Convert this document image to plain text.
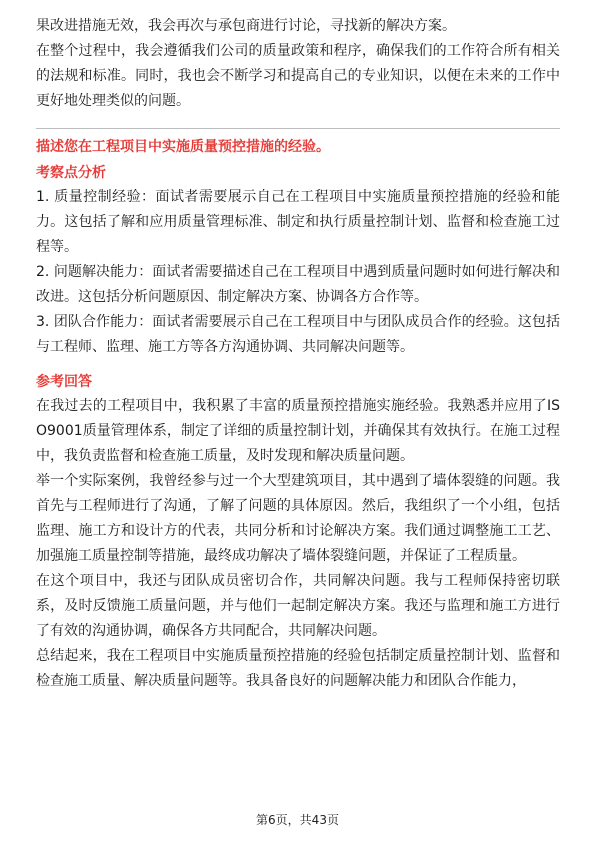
果改进措施无效，我会再次与承包商进行讨论，寻找新的解决方案。

在整个过程中，我会遵循我们公司的质量政策和程序，确保我们的工作符合所有相关的法规和标准。同时，我也会不断学习和提高自己的专业知识，以便在未来的工作中更好地处理类似的问题。

描述您在工程项目中实施质量预控措施的经验。

考察点分析

1. 质量控制经验：面试者需要展示自己在工程项目中实施质量预控措施的经验和能力。这包括了解和应用质量管理标准、制定和执行质量控制计划、监督和检查施工过程等。

2. 问题解决能力：面试者需要描述自己在工程项目中遇到质量问题时如何进行解决和改进。这包括分析问题原因、制定解决方案、协调各方合作等。

3. 团队合作能力：面试者需要展示自己在工程项目中与团队成员合作的经验。这包括与工程师、监理、施工方等各方沟通协调、共同解决问题等。

参考回答

在我过去的工程项目中，我积累了丰富的质量预控措施实施经验。我熟悉并应用了ISO9001质量管理体系，制定了详细的质量控制计划，并确保其有效执行。在施工过程中，我负责监督和检查施工质量，及时发现和解决质量问题。

举一个实际案例，我曾经参与过一个大型建筑项目，其中遇到了墙体裂缝的问题。我首先与工程师进行了沟通，了解了问题的具体原因。然后，我组织了一个小组，包括监理、施工方和设计方的代表，共同分析和讨论解决方案。我们通过调整施工工艺、加强施工质量控制等措施，最终成功解决了墙体裂缝问题，并保证了工程质量。

在这个项目中，我还与团队成员密切合作，共同解决问题。我与工程师保持密切联系，及时反馈施工质量问题，并与他们一起制定解决方案。我还与监理和施工方进行了有效的沟通协调，确保各方共同配合，共同解决问题。

总结起来，我在工程项目中实施质量预控措施的经验包括制定质量控制计划、监督和检查施工质量、解决质量问题等。我具备良好的问题解决能力和团队合作能力，

第6页，共43页
